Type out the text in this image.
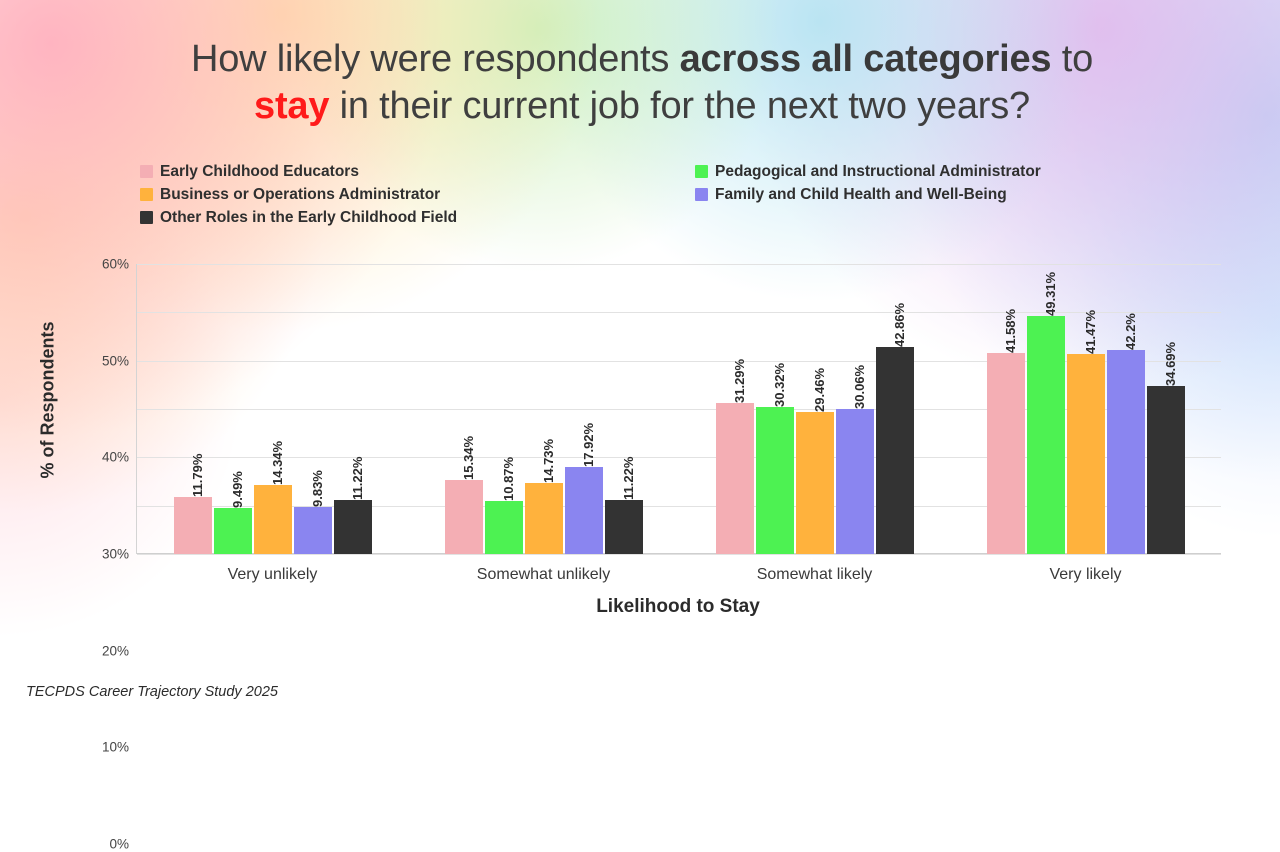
How likely were respondents across all categories to
stay in their current job for the next two years?
Early Childhood Educators	Pedagogical and Instructional Administrator
Business or Operations Administrator	Family and Child Health and Well-Being
Other Roles in the Early Childhood Field
% of Respondents
0%
10%
20%
30%
40%
50%
60%
11.79% 9.49%
14.34%
9.83% 11.22%
Very unlikely
15.34% 10.87% 14.73% 17.92%
11.22%
Somewhat unlikely
31.29% 30.32% 29.46% 30.06%
42.86%
Somewhat likely
41.58%
49.31%
41.47% 42.2%
34.69%
Very likely
Likelihood to Stay
TECPDS Career Trajectory Study 2025
